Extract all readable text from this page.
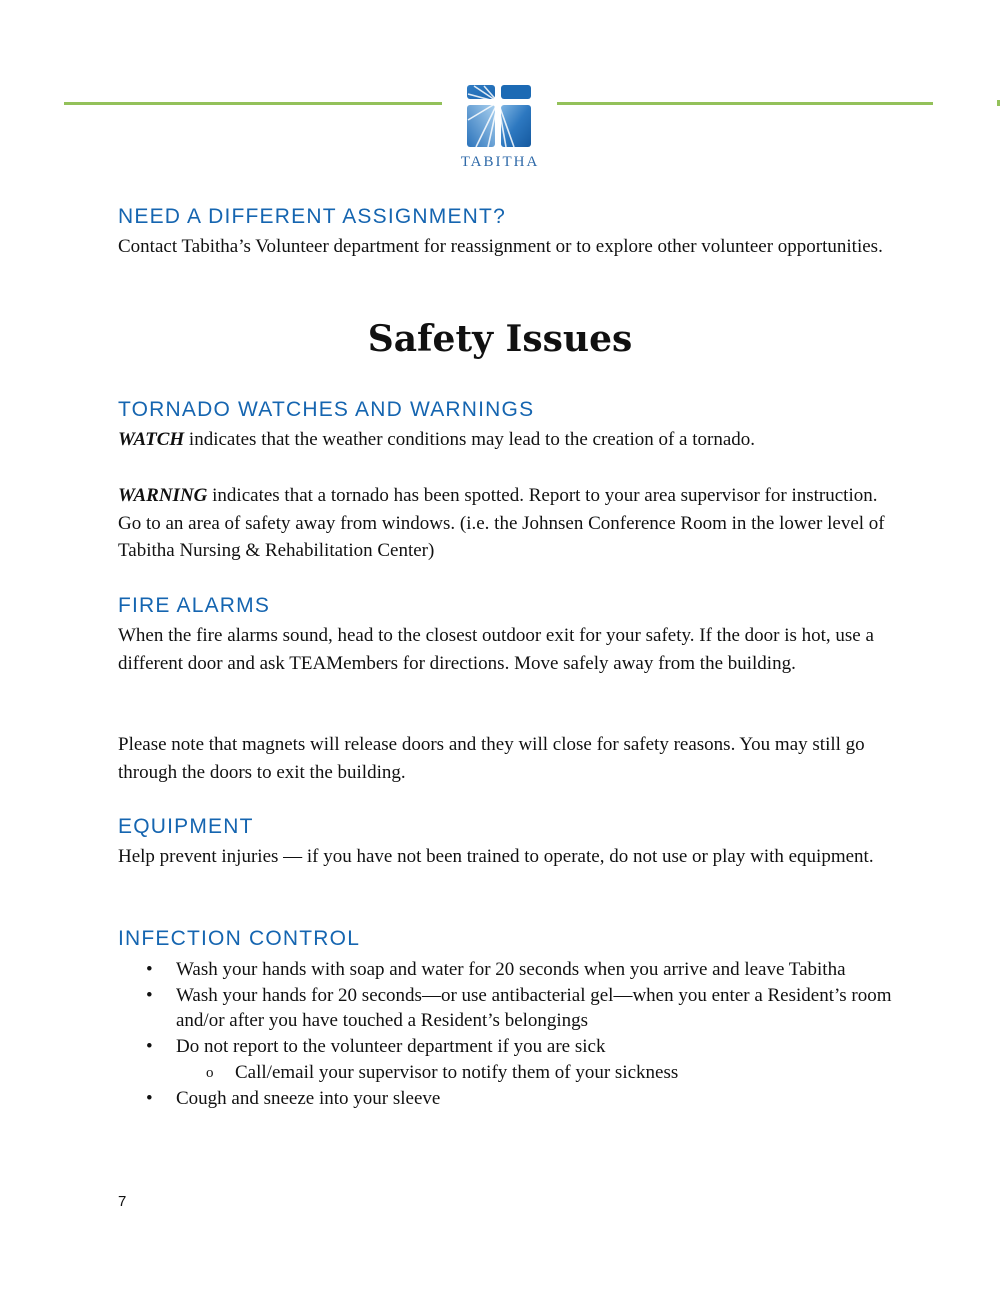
TABITHA
Safety Issues
NEED A DIFFERENT ASSIGNMENT?

Contact Tabitha’s Volunteer department for reassignment or to explore other volunteer opportunities.

TORNADO WATCHES AND WARNINGS

WATCH indicates that the weather conditions may lead to the creation of a tornado.

WARNING indicates that a tornado has been spotted. Report to your area supervisor for instruction. Go to an area of safety away from windows. (i.e. the Johnsen Conference Room in the lower level of Tabitha Nursing & Rehabilitation Center)

FIRE ALARMS

When the fire alarms sound, head to the closest outdoor exit for your safety. If the door is hot, use a different door and ask TEAMembers for directions. Move safely away from the building.

Please note that magnets will release doors and they will close for safety reasons. You may still go through the doors to exit the building.

EQUIPMENT

Help prevent injuries — if you have not been trained to operate, do not use or play with equipment.

INFECTION CONTROL
• Wash your hands with soap and water for 20 seconds when you arrive and leave Tabitha
• Wash your hands for 20 seconds—or use antibacterial gel—when you enter a Resident’s room and/or after you have touched a Resident’s belongings
• Do not report to the volunteer department if you are sick
o Call/email your supervisor to notify them of your sickness
• Cough and sneeze into your sleeve
7
